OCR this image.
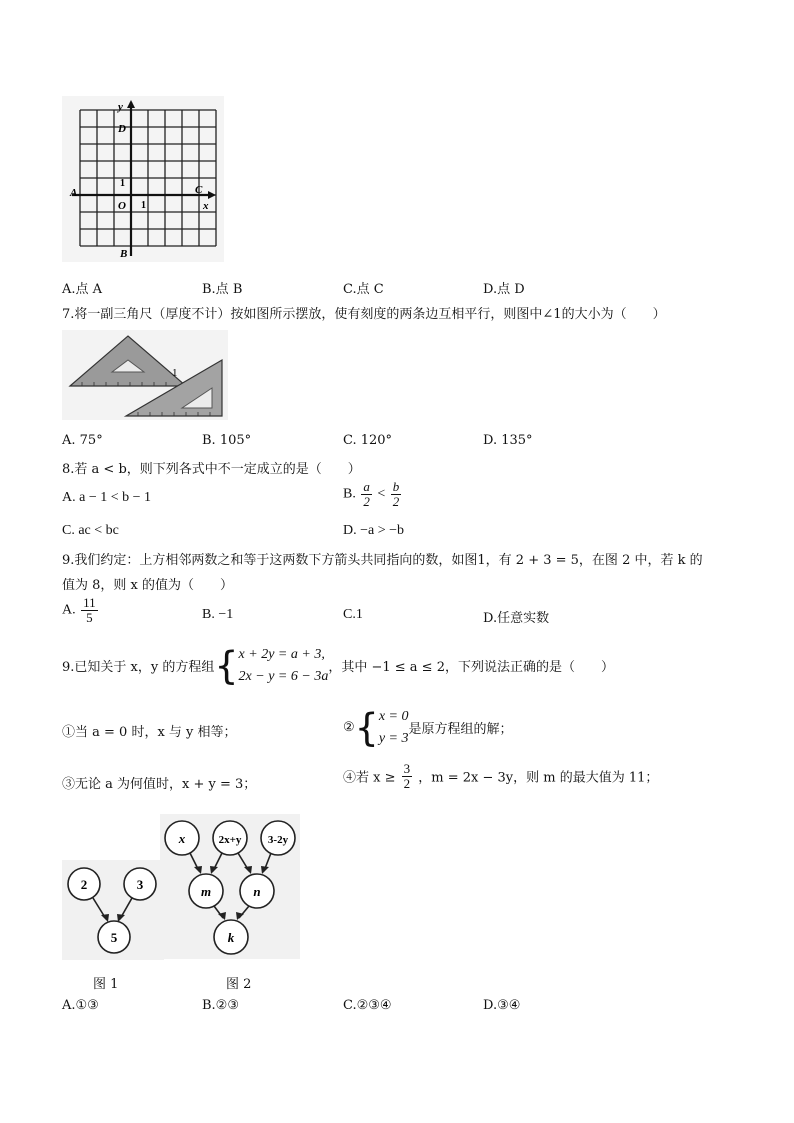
y
D
A	C
x
O 1
1
B
A.点 A	B.点 B	C.点 C	D.点 D
7.将一副三角尺（厚度不计）按如图所示摆放，使有刻度的两条边互相平行，则图中∠1的大小为（　　）
1
A. 75°	B. 105°	C. 120°	D. 135°
8.若 a < b，则下列各式中不一定成立的是（　　）
A. a − 1 < b − 1	B. $\frac{a}{2} < \frac{b}{2}$
C. ac < bc	D. −a > −b
9.我们约定：上方相邻两数之和等于这两数下方箭头共同指向的数，如图1，有 2 + 3 = 5，在图 2 中，若 k 的
值为 8，则 x 的值为（　　）
A. $\frac{11}{5}$	B. −1	C.1	D.任意实数
9.已知关于 x，y 的方程组{ x + 2y = a + 3,
2x − y = 6 − 3a
，其中 −1 ≤ a ≤ 2，下列说法正确的是（　　）
①当 a = 0 时，x 与 y 相等；	②{ x = 0
y = 3
是原方程组的解；
③无论 a 为何值时，x + y = 3；	④若 $x \ge \frac{3}{2}$ ，m = 2x − 3y，则 m 的最大值为 11；
2	3
5
x	2x+y 3-2y
m	n
k
图 1	图 2
A.①③	B.②③	C.②③④	D.③④
